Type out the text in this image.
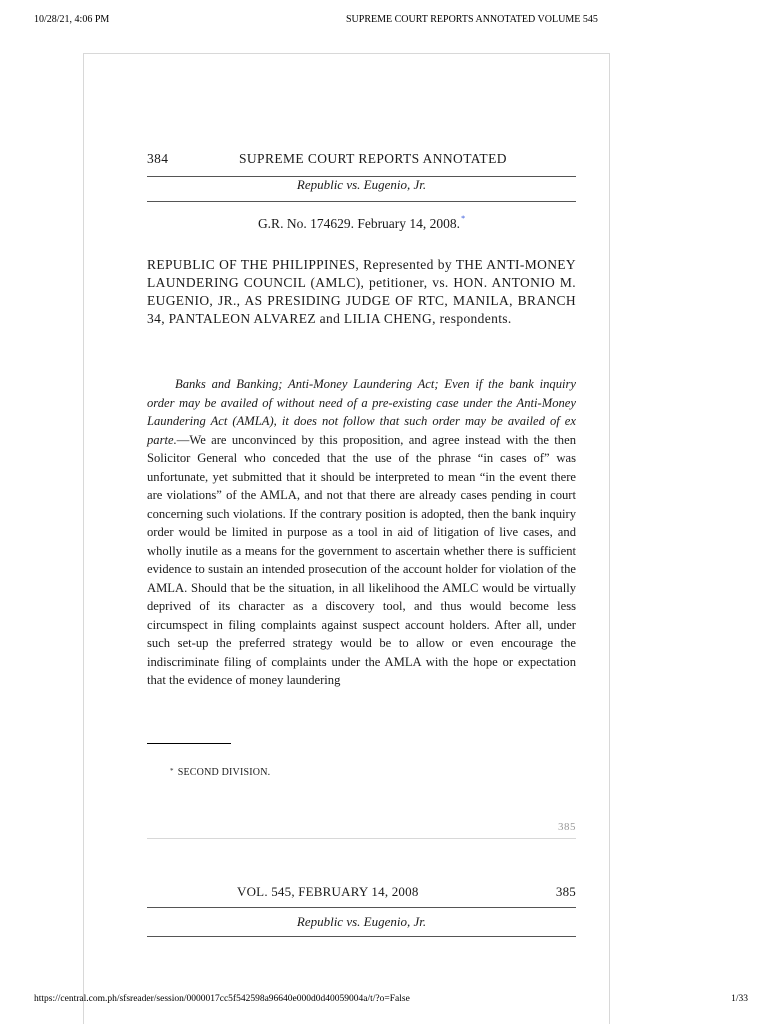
10/28/21, 4:06 PM	SUPREME COURT REPORTS ANNOTATED VOLUME 545
384	SUPREME COURT REPORTS ANNOTATED
Republic vs. Eugenio, Jr.
G.R. No. 174629. February 14, 2008.*
REPUBLIC OF THE PHILIPPINES, Represented by THE ANTI-MONEY LAUNDERING COUNCIL (AMLC), petitioner, vs. HON. ANTONIO M. EUGENIO, JR., AS PRESIDING JUDGE OF RTC, MANILA, BRANCH 34, PANTALEON ALVAREZ and LILIA CHENG, respondents.
Banks and Banking; Anti-Money Laundering Act; Even if the bank inquiry order may be availed of without need of a pre-existing case under the Anti-Money Laundering Act (AMLA), it does not follow that such order may be availed of ex parte.—We are unconvinced by this proposition, and agree instead with the then Solicitor General who conceded that the use of the phrase “in cases of” was unfortunate, yet submitted that it should be interpreted to mean “in the event there are violations” of the AMLA, and not that there are already cases pending in court concerning such violations. If the contrary position is adopted, then the bank inquiry order would be limited in purpose as a tool in aid of litigation of live cases, and wholly inutile as a means for the government to ascertain whether there is sufficient evidence to sustain an intended prosecution of the account holder for violation of the AMLA. Should that be the situation, in all likelihood the AMLC would be virtually deprived of its character as a discovery tool, and thus would become less circumspect in filing complaints against suspect account holders. After all, under such set-up the preferred strategy would be to allow or even encourage the indiscriminate filing of complaints under the AMLA with the hope or expectation that the evidence of money laundering
* SECOND DIVISION.
385
VOL. 545, FEBRUARY 14, 2008	385
Republic vs. Eugenio, Jr.
https://central.com.ph/sfsreader/session/0000017cc5f542598a96640e000d0d40059004a/t/?o=False	1/33
